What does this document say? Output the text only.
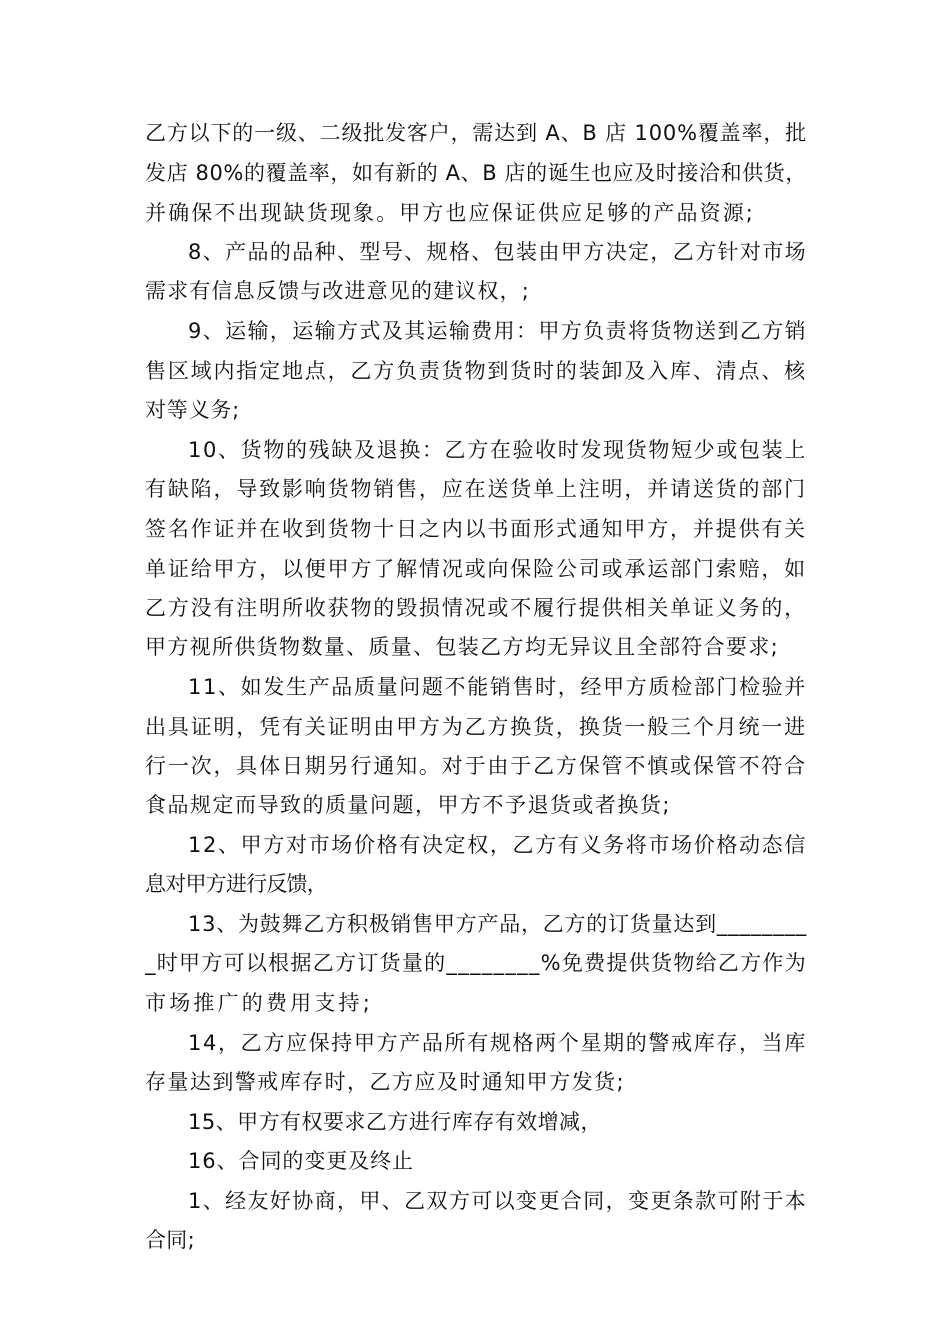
乙方以下的一级、二级批发客户，需达到 A、B 店 100%覆盖率，批
发店 80%的覆盖率，如有新的 A、B 店的诞生也应及时接洽和供货，
并确保不出现缺货现象。甲方也应保证供应足够的产品资源;
8、产品的品种、型号、规格、包装由甲方决定，乙方针对市场
需求有信息反馈与改进意见的建议权，;
9、运输，运输方式及其运输费用：甲方负责将货物送到乙方销
售区域内指定地点，乙方负责货物到货时的装卸及入库、清点、核
对等义务;
10、货物的残缺及退换：乙方在验收时发现货物短少或包装上
有缺陷，导致影响货物销售，应在送货单上注明，并请送货的部门
签名作证并在收到货物十日之内以书面形式通知甲方，并提供有关
单证给甲方，以便甲方了解情况或向保险公司或承运部门索赔，如
乙方没有注明所收获物的毁损情况或不履行提供相关单证义务的，
甲方视所供货物数量、质量、包装乙方均无异议且全部符合要求;
11、如发生产品质量问题不能销售时，经甲方质检部门检验并
出具证明，凭有关证明由甲方为乙方换货，换货一般三个月统一进
行一次，具体日期另行通知。对于由于乙方保管不慎或保管不符合
食品规定而导致的质量问题，甲方不予退货或者换货;
12、甲方对市场价格有决定权，乙方有义务将市场价格动态信
息对甲方进行反馈，
13、为鼓舞乙方积极销售甲方产品，乙方的订货量达到________
_时甲方可以根据乙方订货量的________%免费提供货物给乙方作为
市场推广的费用支持;
14，乙方应保持甲方产品所有规格两个星期的警戒库存，当库
存量达到警戒库存时，乙方应及时通知甲方发货;
15、甲方有权要求乙方进行库存有效增减，
16、合同的变更及终止
1、经友好协商，甲、乙双方可以变更合同，变更条款可附于本
合同;
